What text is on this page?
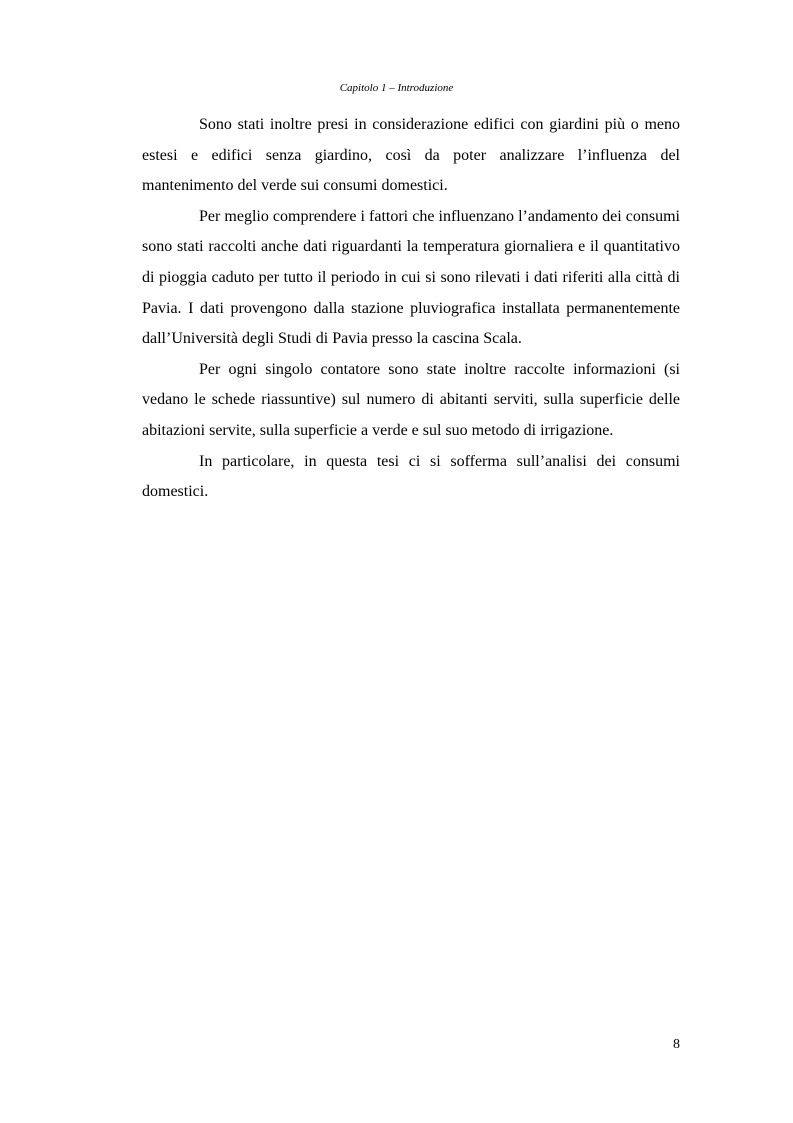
Capitolo 1 – Introduzione

Sono stati inoltre presi in considerazione edifici con giardini più o meno estesi e edifici senza giardino, così da poter analizzare l’influenza del mantenimento del verde sui consumi domestici.

Per meglio comprendere i fattori che influenzano l’andamento dei consumi sono stati raccolti anche dati riguardanti la temperatura giornaliera e il quantitativo di pioggia caduto per tutto il periodo in cui si sono rilevati i dati riferiti alla città di Pavia. I dati provengono dalla stazione pluviografica installata permanentemente dall’Università degli Studi di Pavia presso la cascina Scala.

Per ogni singolo contatore sono state inoltre raccolte informazioni (si vedano le schede riassuntive) sul numero di abitanti serviti, sulla superficie delle abitazioni servite, sulla superficie a verde e sul suo metodo di irrigazione.

In particolare, in questa tesi ci si sofferma sull’analisi dei consumi domestici.

8
